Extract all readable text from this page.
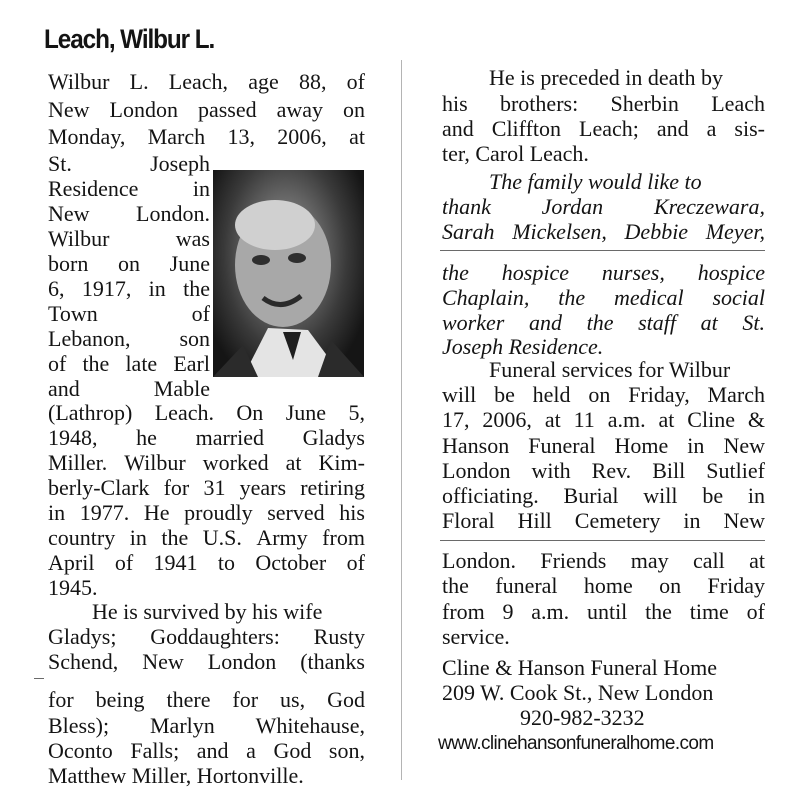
Leach, Wilbur L.
Wilbur L. Leach, age 88, of
New London passed away on
Monday, March 13, 2006, at
St.	Joseph
Residence in
New London.
Wilbur	was
born on June
6, 1917, in the
Town	of
Lebanon, son
of the late Earl
and	Mable
(Lathrop) Leach. On June 5,
1948, he married Gladys
Miller. Wilbur worked at Kim-
berly-Clark for 31 years retiring
in 1977. He proudly served his
country in the U.S. Army from
April of 1941 to October of
1945.
He is survived by his wife
Gladys; Goddaughters: Rusty
Schend, New London (thanks
for being there for us, God
Bless); Marlyn Whitehause,
Oconto Falls; and a God son,
Matthew Miller, Hortonville.
He is preceded in death by
his brothers: Sherbin Leach
and Cliffton Leach; and a sis-
ter, Carol Leach.
The family would like to
thank Jordan Kreczewara,
Sarah Mickelsen, Debbie Meyer,
the hospice nurses, hospice
Chaplain, the medical social
worker and the staff at St.
Joseph Residence.
Funeral services for Wilbur
will be held on Friday, March
17, 2006, at 11 a.m. at Cline &
Hanson Funeral Home in New
London with Rev. Bill Sutlief
officiating. Burial will be in
Floral Hill Cemetery in New
London. Friends may call at
the funeral home on Friday
from 9 a.m. until the time of
service.
Cline & Hanson Funeral Home
209 W. Cook St., New London
920-982-3232
www.clinehansonfuneralhome.com
